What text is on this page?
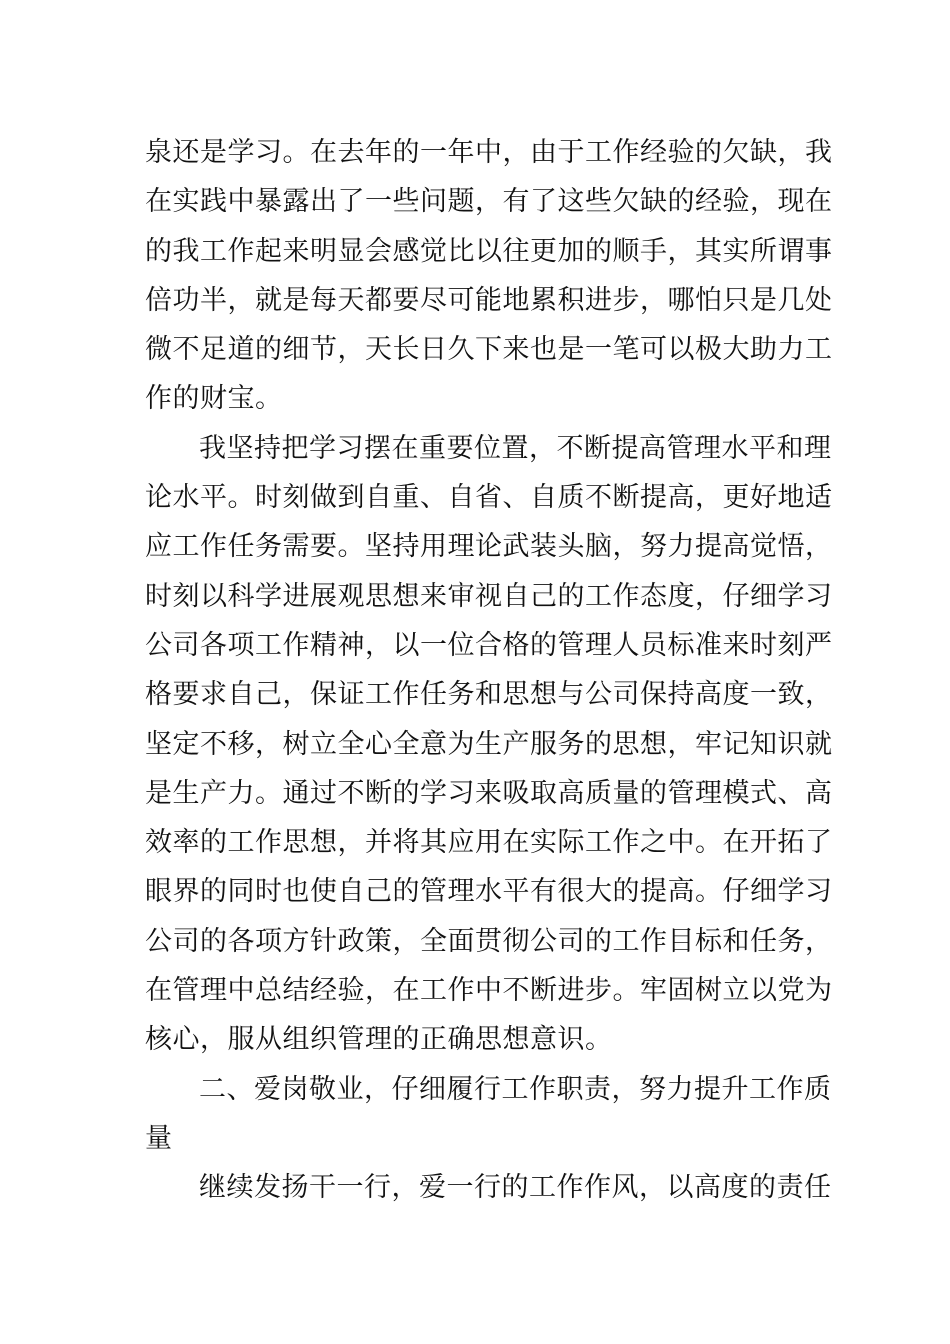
泉还是学习。在去年的一年中，由于工作经验的欠缺，我
在实践中暴露出了一些问题，有了这些欠缺的经验，现在
的我工作起来明显会感觉比以往更加的顺手，其实所谓事
倍功半，就是每天都要尽可能地累积进步，哪怕只是几处
微不足道的细节，天长日久下来也是一笔可以极大助力工
作的财宝。
我坚持把学习摆在重要位置，不断提高管理水平和理
论水平。时刻做到自重、自省、自质不断提高，更好地适
应工作任务需要。坚持用理论武装头脑，努力提高觉悟，
时刻以科学进展观思想来审视自己的工作态度，仔细学习
公司各项工作精神，以一位合格的管理人员标准来时刻严
格要求自己，保证工作任务和思想与公司保持高度一致，
坚定不移，树立全心全意为生产服务的思想，牢记知识就
是生产力。通过不断的学习来吸取高质量的管理模式、高
效率的工作思想，并将其应用在实际工作之中。在开拓了
眼界的同时也使自己的管理水平有很大的提高。仔细学习
公司的各项方针政策，全面贯彻公司的工作目标和任务，
在管理中总结经验，在工作中不断进步。牢固树立以党为
核心，服从组织管理的正确思想意识。
二、爱岗敬业，仔细履行工作职责，努力提升工作质
量
继续发扬干一行，爱一行的工作作风，以高度的责任
